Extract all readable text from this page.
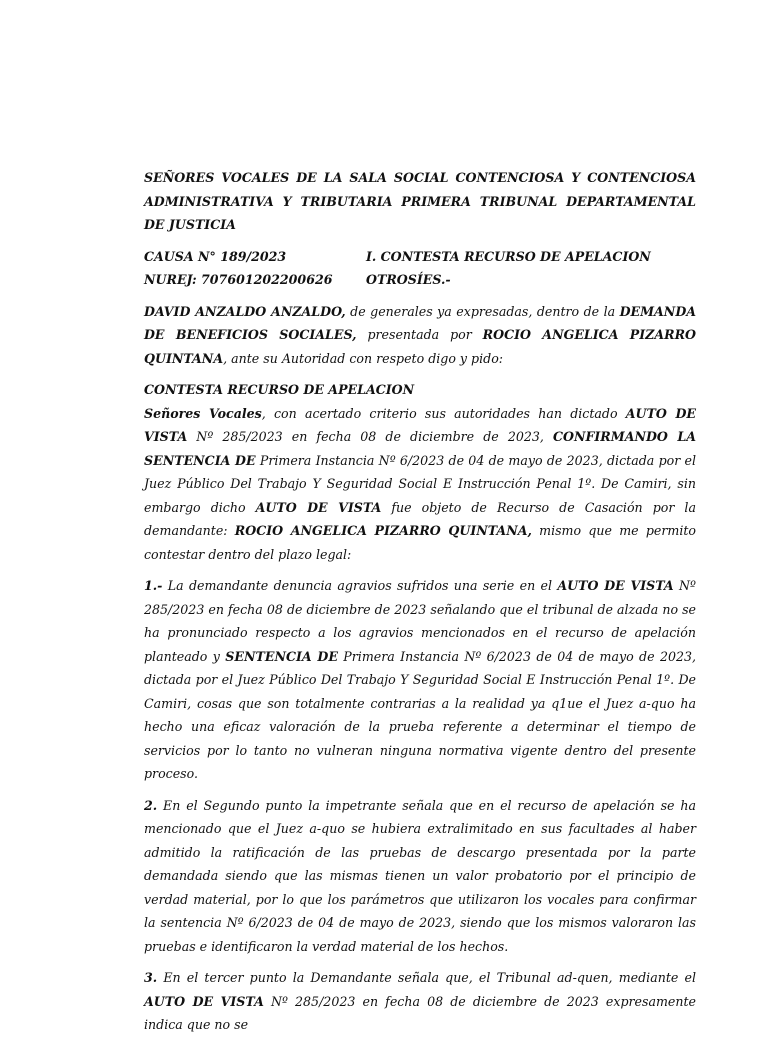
SEÑORES VOCALES DE LA SALA SOCIAL CONTENCIOSA Y CONTENCIOSA ADMINISTRATIVA Y TRIBUTARIA PRIMERA TRIBUNAL DEPARTAMENTAL DE JUSTICIA

CAUSA N° 189/2023	I. CONTESTA RECURSO DE APELACION
NUREJ: 707601202200626	OTROSÍES.-

DAVID ANZALDO ANZALDO, de generales ya expresadas, dentro de la DEMANDA DE BENEFICIOS SOCIALES, presentada por ROCIO ANGELICA PIZARRO QUINTANA, ante su Autoridad con respeto digo y pido:

CONTESTA RECURSO DE APELACION

Señores Vocales, con acertado criterio sus autoridades han dictado AUTO DE VISTA Nº 285/2023 en fecha 08 de diciembre de 2023, CONFIRMANDO LA SENTENCIA DE Primera Instancia Nº 6/2023 de 04 de mayo de 2023, dictada por el Juez Público Del Trabajo Y Seguridad Social E Instrucción Penal 1º. De Camiri, sin embargo dicho AUTO DE VISTA fue objeto de Recurso de Casación por la demandante: ROCIO ANGELICA PIZARRO QUINTANA, mismo que me permito contestar dentro del plazo legal:

1.- La demandante denuncia agravios sufridos una serie en el AUTO DE VISTA Nº 285/2023 en fecha 08 de diciembre de 2023 señalando que el tribunal de alzada no se ha pronunciado respecto a los agravios mencionados en el recurso de apelación planteado y SENTENCIA DE Primera Instancia Nº 6/2023 de 04 de mayo de 2023, dictada por el Juez Público Del Trabajo Y Seguridad Social E Instrucción Penal 1º. De Camiri, cosas que son totalmente contrarias a la realidad ya q1ue el Juez a-quo ha hecho una eficaz valoración de la prueba referente a determinar el tiempo de servicios por lo tanto no vulneran ninguna normativa vigente dentro del presente proceso.

2. En el Segundo punto la impetrante señala que en el recurso de apelación se ha mencionado que el Juez a-quo se hubiera extralimitado en sus facultades al haber admitido la ratificación de las pruebas de descargo presentada por la parte demandada siendo que las mismas tienen un valor probatorio por el principio de verdad material, por lo que los parámetros que utilizaron los vocales para confirmar la sentencia Nº 6/2023 de 04 de mayo de 2023, siendo que los mismos valoraron las pruebas e identificaron la verdad material de los hechos.

3. En el tercer punto la Demandante señala que, el Tribunal ad-quen, mediante el AUTO DE VISTA Nº 285/2023 en fecha 08 de diciembre de 2023 expresamente indica que no se
